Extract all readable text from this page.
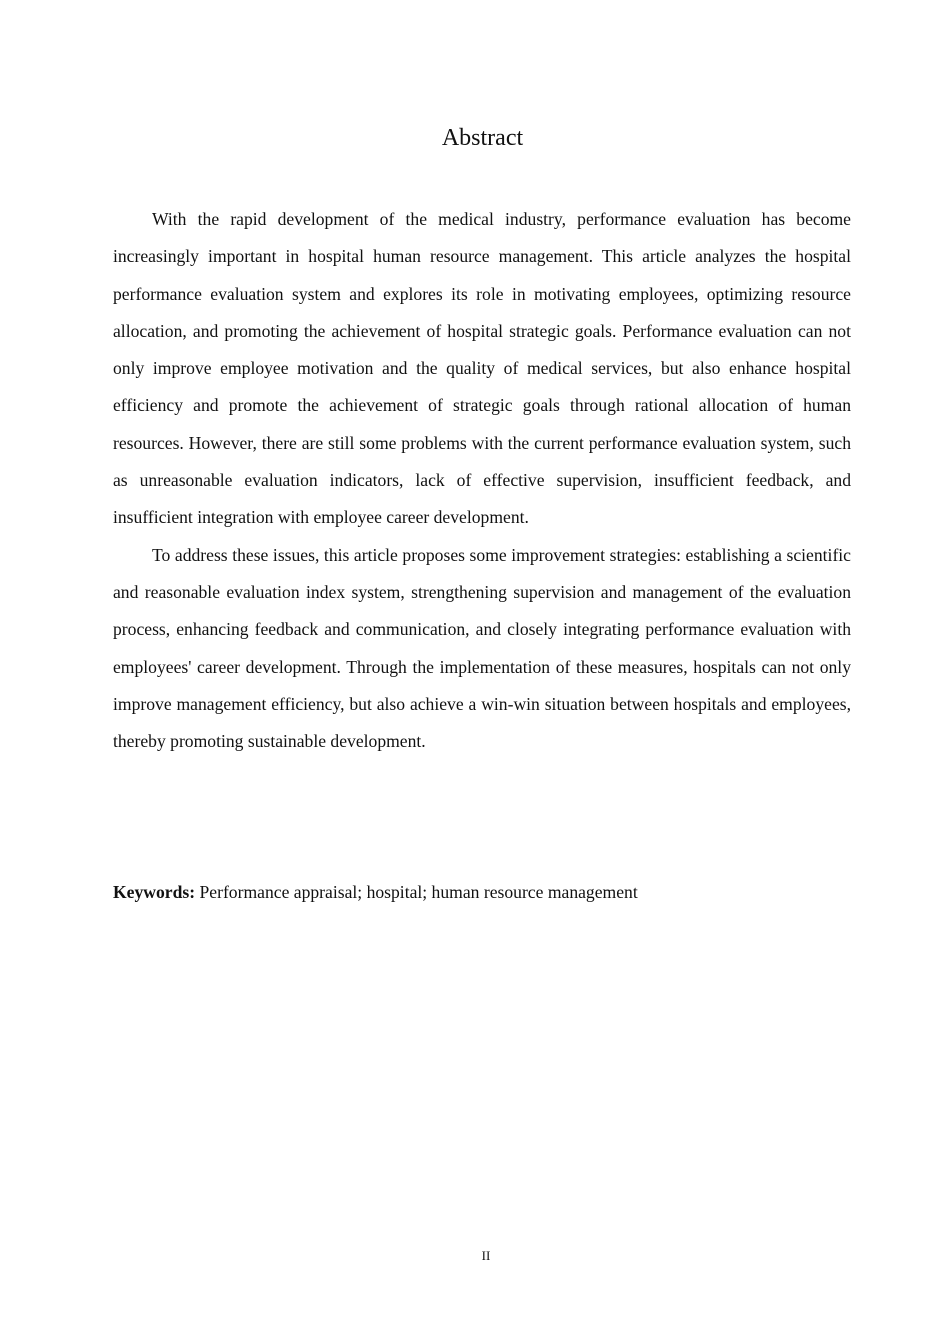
Abstract

With the rapid development of the medical industry, performance evaluation has become increasingly important in hospital human resource management. This article analyzes the hospital performance evaluation system and explores its role in motivating employees, optimizing resource allocation, and promoting the achievement of hospital strategic goals. Performance evaluation can not only improve employee motivation and the quality of medical services, but also enhance hospital efficiency and promote the achievement of strategic goals through rational allocation of human resources. However, there are still some problems with the current performance evaluation system, such as unreasonable evaluation indicators, lack of effective supervision, insufficient feedback, and insufficient integration with employee career development.

To address these issues, this article proposes some improvement strategies: establishing a scientific and reasonable evaluation index system, strengthening supervision and management of the evaluation process, enhancing feedback and communication, and closely integrating performance evaluation with employees' career development. Through the implementation of these measures, hospitals can not only improve management efficiency, but also achieve a win-win situation between hospitals and employees, thereby promoting sustainable development.

Keywords: Performance appraisal; hospital; human resource management

II
